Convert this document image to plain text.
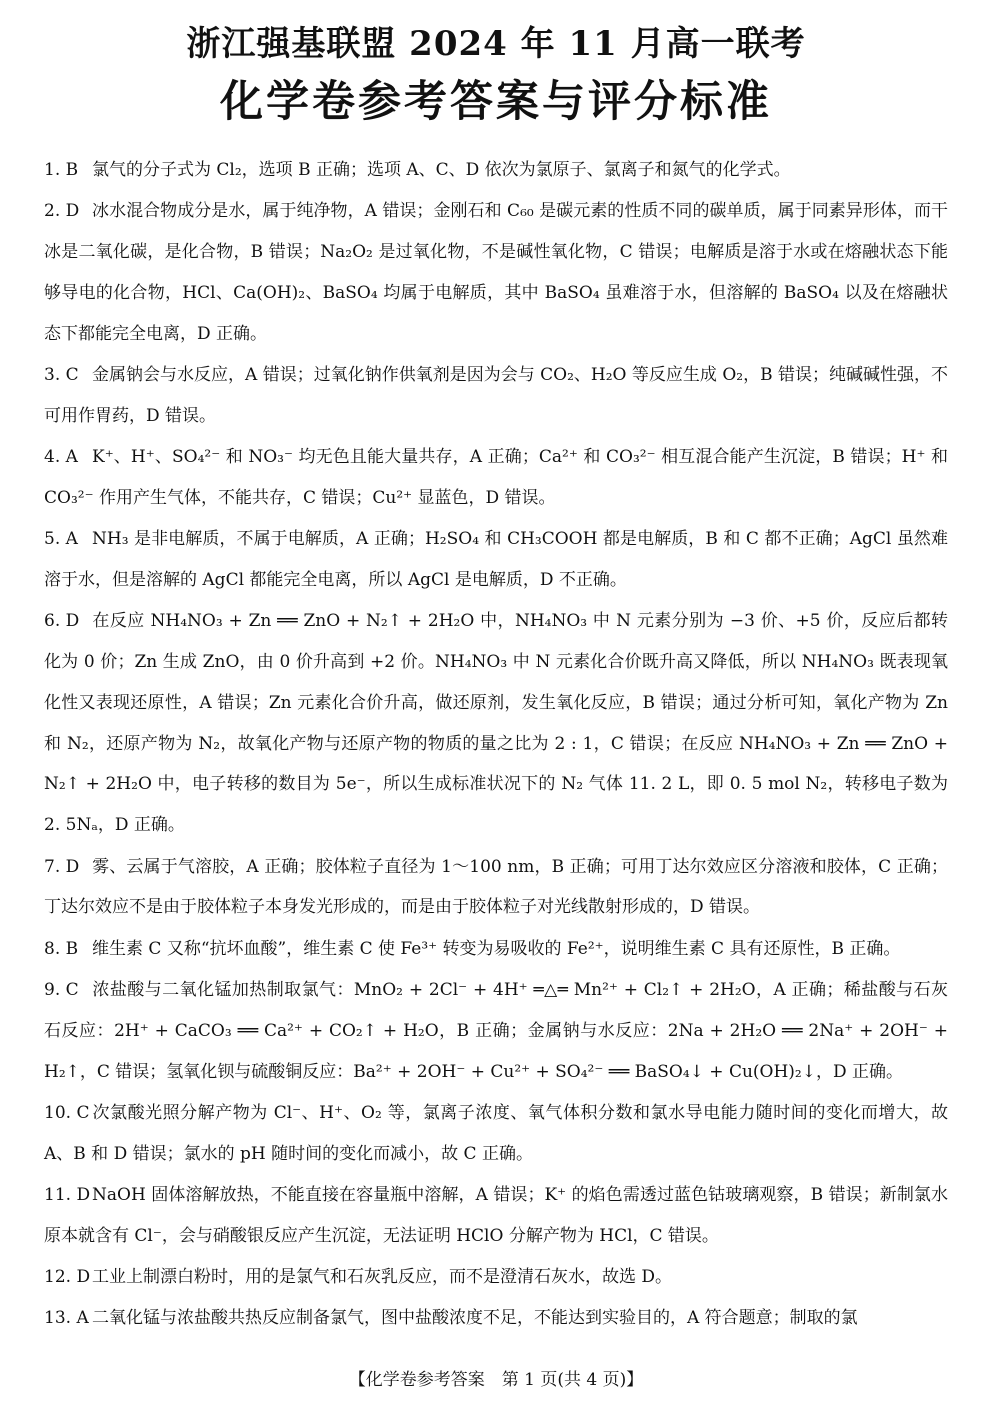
浙江强基联盟 2024 年 11 月高一联考
化学卷参考答案与评分标准
1. B 氯气的分子式为 Cl₂，选项 B 正确；选项 A、C、D 依次为氯原子、氯离子和氮气的化学式。
2. D 冰水混合物成分是水，属于纯净物，A 错误；金刚石和 C₆₀ 是碳元素的性质不同的碳单质，属于同素异形体，而干冰是二氧化碳，是化合物，B 错误；Na₂O₂ 是过氧化物，不是碱性氧化物，C 错误；电解质是溶于水或在熔融状态下能够导电的化合物，HCl、Ca(OH)₂、BaSO₄ 均属于电解质，其中 BaSO₄ 虽难溶于水，但溶解的 BaSO₄ 以及在熔融状态下都能完全电离，D 正确。
3. C 金属钠会与水反应，A 错误；过氧化钠作供氧剂是因为会与 CO₂、H₂O 等反应生成 O₂，B 错误；纯碱碱性强，不可用作胃药，D 错误。
4. A K⁺、H⁺、SO₄²⁻ 和 NO₃⁻ 均无色且能大量共存，A 正确；Ca²⁺ 和 CO₃²⁻ 相互混合能产生沉淀，B 错误；H⁺ 和 CO₃²⁻ 作用产生气体，不能共存，C 错误；Cu²⁺ 显蓝色，D 错误。
5. A NH₃ 是非电解质，不属于电解质，A 正确；H₂SO₄ 和 CH₃COOH 都是电解质，B 和 C 都不正确；AgCl 虽然难溶于水，但是溶解的 AgCl 都能完全电离，所以 AgCl 是电解质，D 不正确。
6. D 在反应 NH₄NO₃ + Zn ══ ZnO + N₂↑ + 2H₂O 中，NH₄NO₃ 中 N 元素分别为 −3 价、+5 价，反应后都转化为 0 价；Zn 生成 ZnO，由 0 价升高到 +2 价。NH₄NO₃ 中 N 元素化合价既升高又降低，所以 NH₄NO₃ 既表现氧化性又表现还原性，A 错误；Zn 元素化合价升高，做还原剂，发生氧化反应，B 错误；通过分析可知，氧化产物为 Zn 和 N₂，还原产物为 N₂，故氧化产物与还原产物的物质的量之比为 2 : 1，C 错误；在反应 NH₄NO₃ + Zn ══ ZnO + N₂↑ + 2H₂O 中，电子转移的数目为 5e⁻，所以生成标准状况下的 N₂ 气体 11. 2 L，即 0. 5 mol N₂，转移电子数为 2. 5Nₐ，D 正确。
7. D 雾、云属于气溶胶，A 正确；胶体粒子直径为 1～100 nm，B 正确；可用丁达尔效应区分溶液和胶体，C 正确；丁达尔效应不是由于胶体粒子本身发光形成的，而是由于胶体粒子对光线散射形成的，D 错误。
8. B 维生素 C 又称“抗坏血酸”，维生素 C 使 Fe³⁺ 转变为易吸收的 Fe²⁺，说明维生素 C 具有还原性，B 正确。
9. C 浓盐酸与二氧化锰加热制取氯气：MnO₂ + 2Cl⁻ + 4H⁺ ═△═ Mn²⁺ + Cl₂↑ + 2H₂O，A 正确；稀盐酸与石灰石反应：2H⁺ + CaCO₃ ══ Ca²⁺ + CO₂↑ + H₂O，B 正确；金属钠与水反应：2Na + 2H₂O ══ 2Na⁺ + 2OH⁻ + H₂↑，C 错误；氢氧化钡与硫酸铜反应：Ba²⁺ + 2OH⁻ + Cu²⁺ + SO₄²⁻ ══ BaSO₄↓ + Cu(OH)₂↓，D 正确。
10. C 次氯酸光照分解产物为 Cl⁻、H⁺、O₂ 等，氯离子浓度、氧气体积分数和氯水导电能力随时间的变化而增大，故 A、B 和 D 错误；氯水的 pH 随时间的变化而减小，故 C 正确。
11. D NaOH 固体溶解放热，不能直接在容量瓶中溶解，A 错误；K⁺ 的焰色需透过蓝色钴玻璃观察，B 错误；新制氯水原本就含有 Cl⁻，会与硝酸银反应产生沉淀，无法证明 HClO 分解产物为 HCl，C 错误。
12. D 工业上制漂白粉时，用的是氯气和石灰乳反应，而不是澄清石灰水，故选 D。
13. A 二氧化锰与浓盐酸共热反应制备氯气，图中盐酸浓度不足，不能达到实验目的，A 符合题意；制取的氯
【化学卷参考答案　第 1 页(共 4 页)】
